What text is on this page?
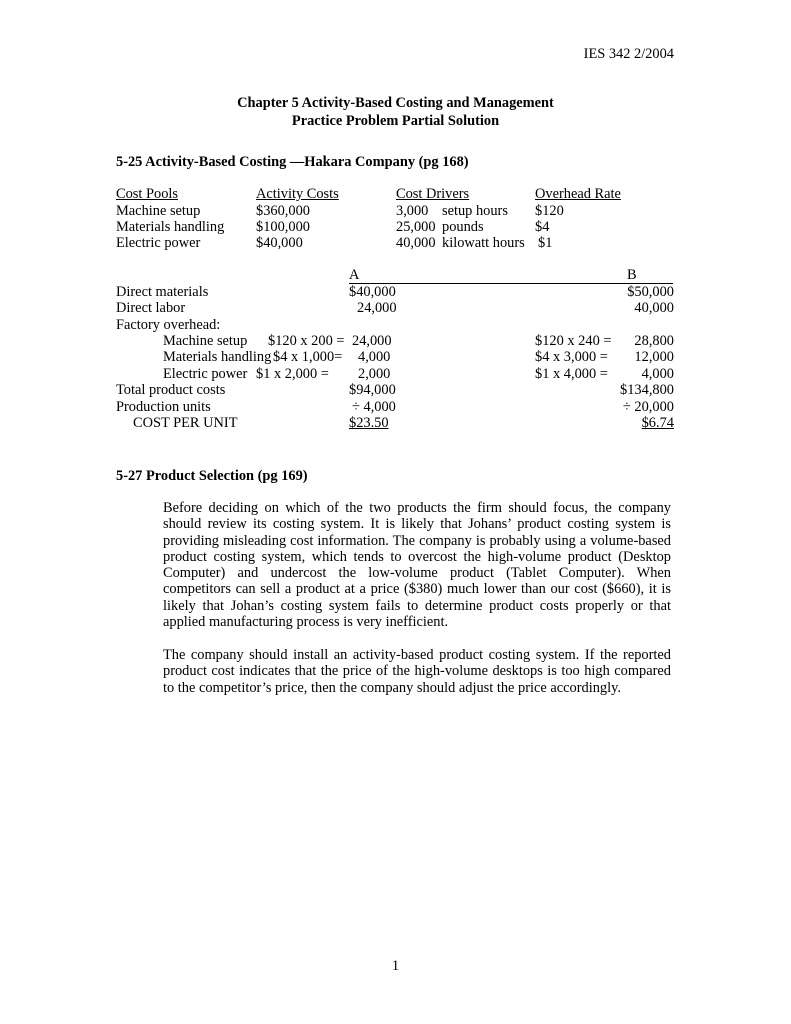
IES 342 2/2004
Chapter 5 Activity-Based Costing and Management
Practice Problem Partial Solution
5-25 Activity-Based Costing —Hakara Company (pg 168)
Cost Pools	Activity Costs	Cost Drivers	Overhead Rate
Machine setup	$360,000	3,000 setup hours $120
Materials handling $100,000	25,000 pounds	$4
Electric power	$40,000	40,000 kilowatt hours $1
A	B
Direct materials	$40,000	$50,000
Direct labor	24,000	40,000
Factory overhead:
Machine setup $120 x 200 = 24,000	$120 x 240 = 28,800
Materials handling $4 x 1,000= 4,000	$4 x 3,000 = 12,000
Electric power $1 x 2,000 = 2,000	$1 x 4,000 = 4,000
Total product costs	$94,000	$134,800
Production units	÷ 4,000	÷ 20,000
COST PER UNIT	$23.50	$6.74
5-27 Product Selection (pg 169)
Before deciding on which of the two products the firm should focus, the company should review its costing system. It is likely that Johans’ product costing system is providing misleading cost information. The company is probably using a volume-based product costing system, which tends to overcost the high-volume product (Desktop Computer) and undercost the low-volume product (Tablet Computer). When competitors can sell a product at a price ($380) much lower than our cost ($660), it is likely that Johan’s costing system fails to determine product costs properly or that applied manufacturing process is very inefficient.
The company should install an activity-based product costing system. If the reported product cost indicates that the price of the high-volume desktops is too high compared to the competitor’s price, then the company should adjust the price accordingly.
1
